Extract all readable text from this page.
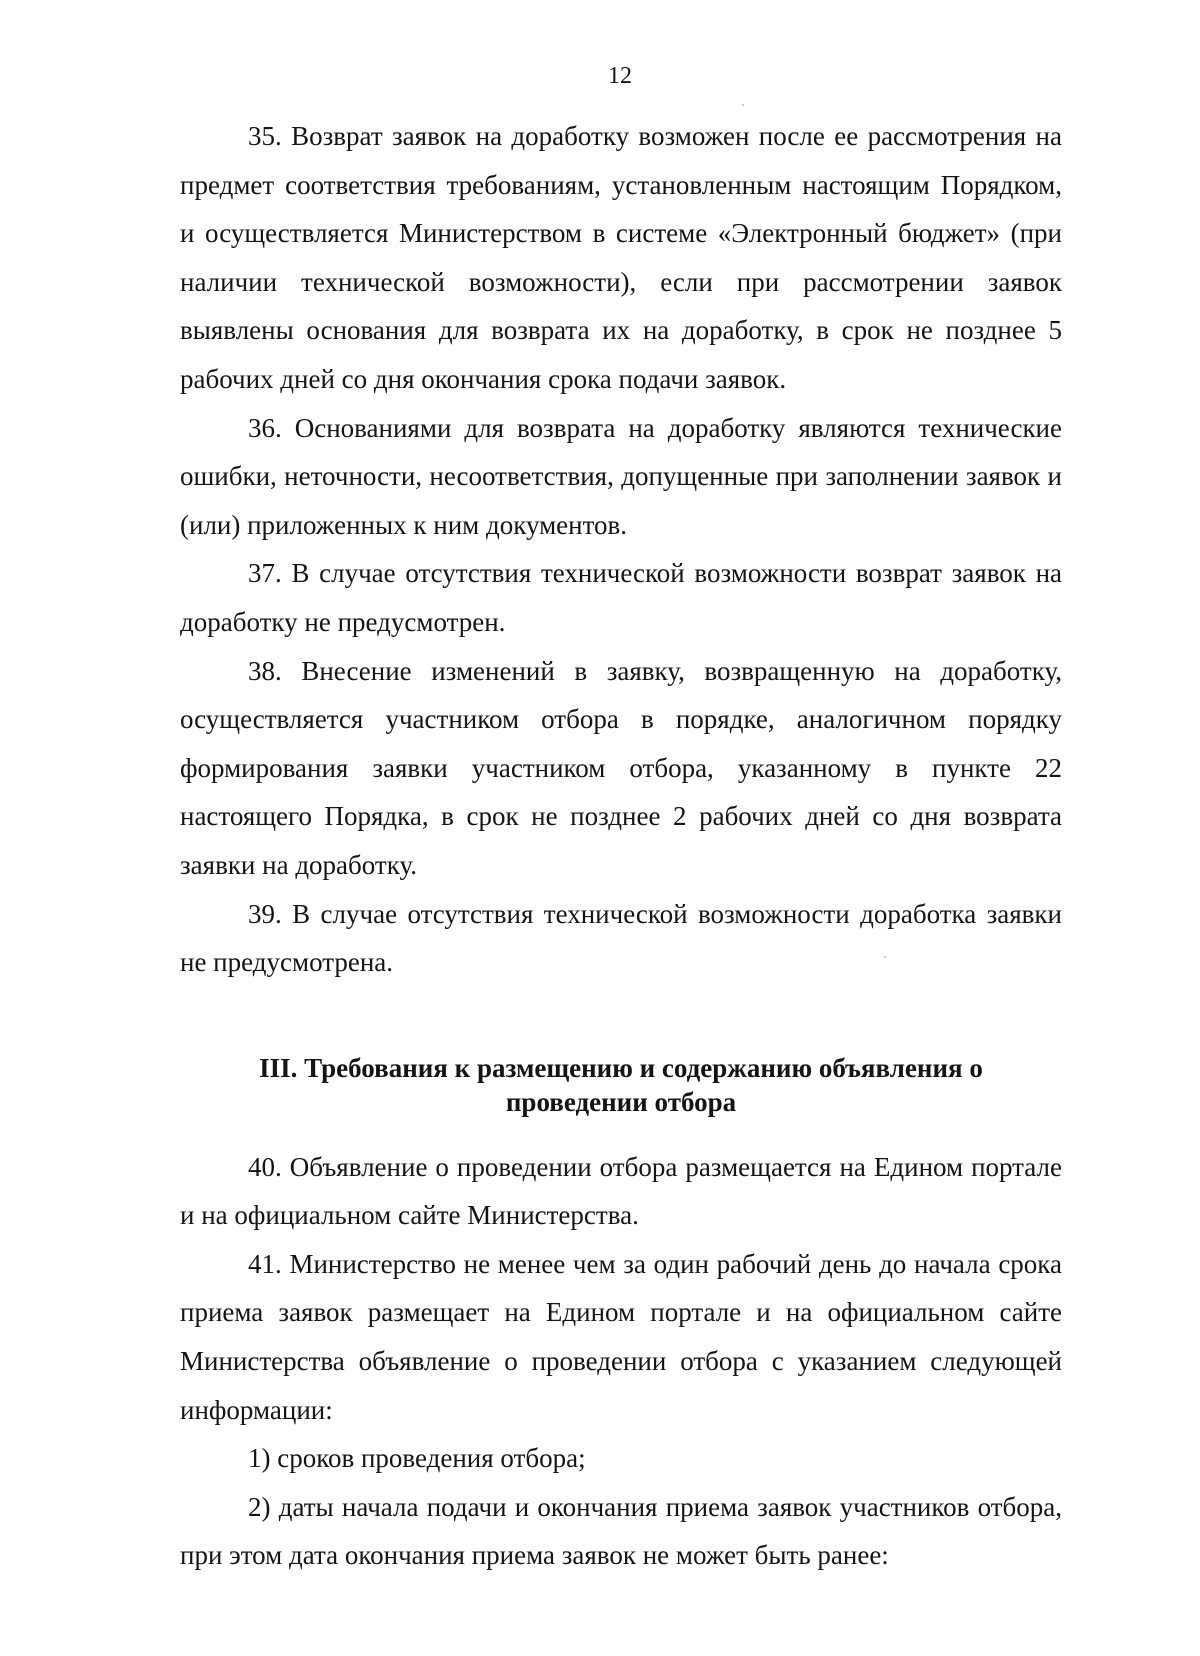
12

35. Возврат заявок на доработку возможен после ее рассмотрения на предмет соответствия требованиям, установленным настоящим Порядком, и осуществляется Министерством в системе «Электронный бюджет» (при наличии технической возможности), если при рассмотрении заявок выявлены основания для возврата их на доработку, в срок не позднее 5 рабочих дней со дня окончания срока подачи заявок.

36. Основаниями для возврата на доработку являются технические ошибки, неточности, несоответствия, допущенные при заполнении заявок и (или) приложенных к ним документов.

37. В случае отсутствия технической возможности возврат заявок на доработку не предусмотрен.

38. Внесение изменений в заявку, возвращенную на доработку, осуществляется участником отбора в порядке, аналогичном порядку формирования заявки участником отбора, указанному в пункте 22 настоящего Порядка, в срок не позднее 2 рабочих дней со дня возврата заявки на доработку.

39. В случае отсутствия технической возможности доработка заявки не предусмотрена.

III. Требования к размещению и содержанию объявления о
проведении отбора

40. Объявление о проведении отбора размещается на Едином портале и на официальном сайте Министерства.

41. Министерство не менее чем за один рабочий день до начала срока приема заявок размещает на Едином портале и на официальном сайте Министерства объявление о проведении отбора с указанием следующей информации:

1) сроков проведения отбора;

2) даты начала подачи и окончания приема заявок участников отбора, при этом дата окончания приема заявок не может быть ранее:
